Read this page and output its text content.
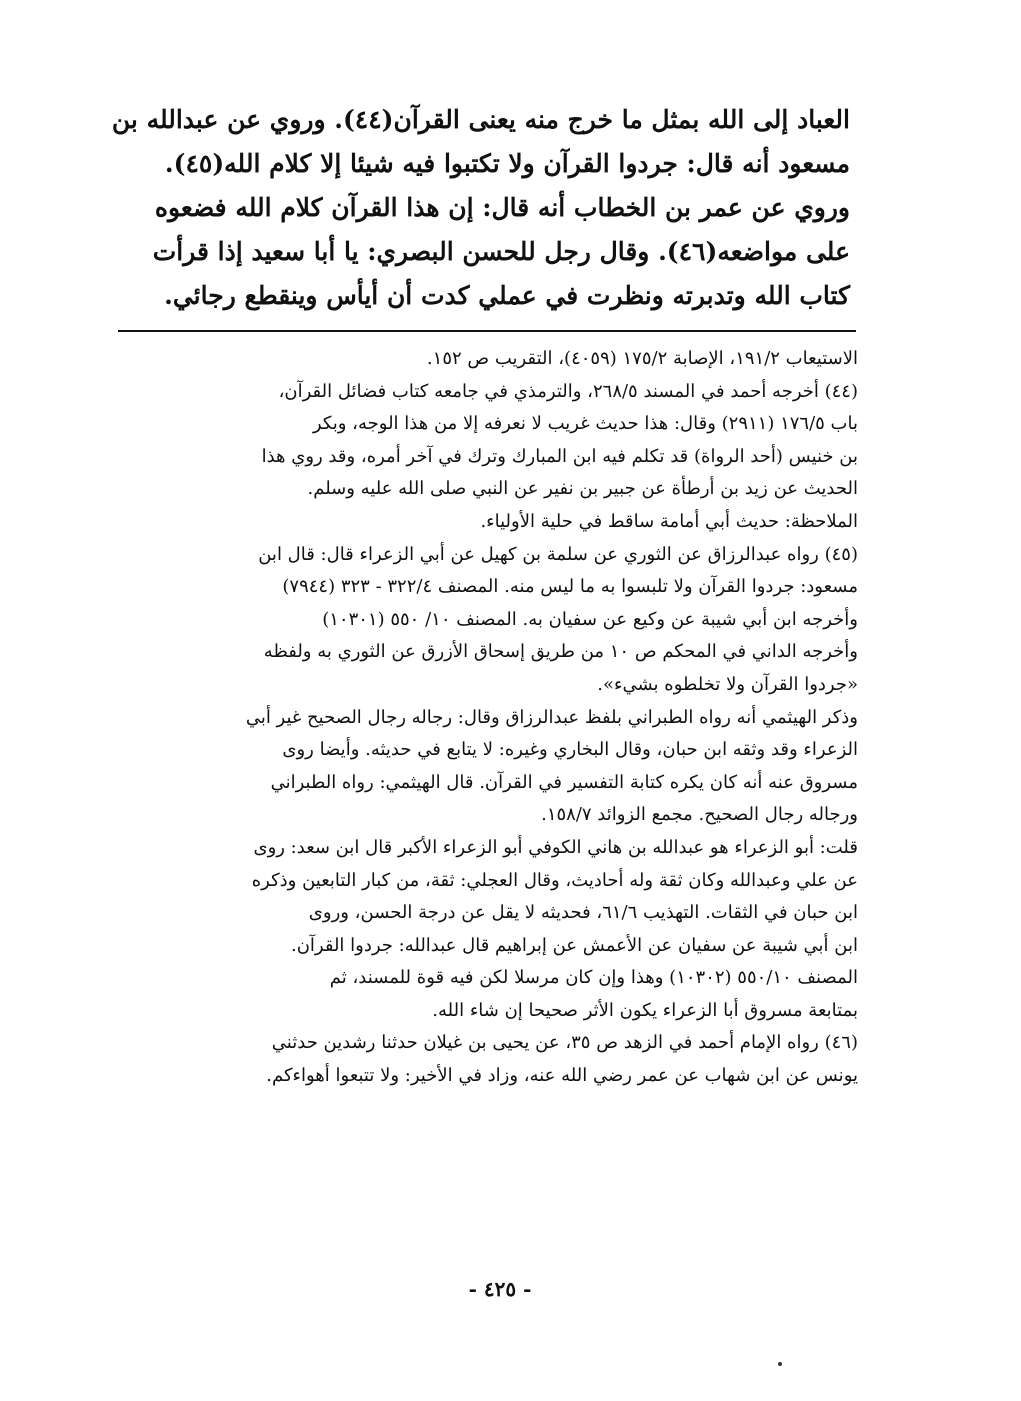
العباد إلى الله بمثل ما خرج منه يعنى القرآن(٤٤). وروي عن عبدالله بن
مسعود أنه قال: جردوا القرآن ولا تكتبوا فيه شيئا إلا كلام الله(٤٥).
وروي عن عمر بن الخطاب أنه قال: إن هذا القرآن كلام الله فضعوه
على مواضعه(٤٦). وقال رجل للحسن البصري: يا أبا سعيد إذا قرأت
كتاب الله وتدبرته ونظرت في عملي كدت أن أيأس وينقطع رجائي.
الاستيعاب ١٩١/٢، الإصابة ١٧٥/٢ (٤٠٥٩)، التقريب ص ١٥٢.
(٤٤) أخرجه أحمد في المسند ٢٦٨/٥، والترمذي في جامعه كتاب فضائل القرآن،
باب ١٧٦/٥ (٢٩١١) وقال: هذا حديث غريب لا نعرفه إلا من هذا الوجه، وبكر
بن خنيس (أحد الرواة) قد تكلم فيه ابن المبارك وترك في آخر أمره، وقد روي هذا
الحديث عن زيد بن أرطأة عن جبير بن نفير عن النبي صلى الله عليه وسلم.
الملاحظة: حديث أبي أمامة ساقط في حلية الأولياء.
(٤٥) رواه عبدالرزاق عن الثوري عن سلمة بن كهيل عن أبي الزعراء قال: قال ابن
مسعود: جردوا القرآن ولا تلبسوا به ما ليس منه. المصنف ٣٢٢/٤ - ٣٢٣ (٧٩٤٤)
وأخرجه ابن أبي شيبة عن وكيع عن سفيان به. المصنف ١٠/ ٥٥٠ (١٠٣٠١)
وأخرجه الداني في المحكم ص ١٠ من طريق إسحاق الأزرق عن الثوري به ولفظه
«جردوا القرآن ولا تخلطوه بشيء».
وذكر الهيثمي أنه رواه الطبراني بلفظ عبدالرزاق وقال: رجاله رجال الصحيح غير أبي
الزعراء وقد وثقه ابن حبان، وقال البخاري وغيره: لا يتابع في حديثه. وأيضا روى
مسروق عنه أنه كان يكره كتابة التفسير في القرآن. قال الهيثمي: رواه الطبراني
ورجاله رجال الصحيح. مجمع الزوائد ١٥٨/٧.
قلت: أبو الزعراء هو عبدالله بن هاني الكوفي أبو الزعراء الأكبر قال ابن سعد: روى
عن علي وعبدالله وكان ثقة وله أحاديث، وقال العجلي: ثقة، من كبار التابعين وذكره
ابن حبان في الثقات. التهذيب ٦١/٦، فحديثه لا يقل عن درجة الحسن، وروى
ابن أبي شيبة عن سفيان عن الأعمش عن إبراهيم قال عبدالله: جردوا القرآن.
المصنف ٥٥٠/١٠ (١٠٣٠٢) وهذا وإن كان مرسلا لكن فيه قوة للمسند، ثم
بمتابعة مسروق أبا الزعراء يكون الأثر صحيحا إن شاء الله.
(٤٦) رواه الإمام أحمد في الزهد ص ٣٥، عن يحيى بن غيلان حدثنا رشدين حدثني
يونس عن ابن شهاب عن عمر رضي الله عنه، وزاد في الأخير: ولا تتبعوا أهواءكم.
- ٤٢٥ -
